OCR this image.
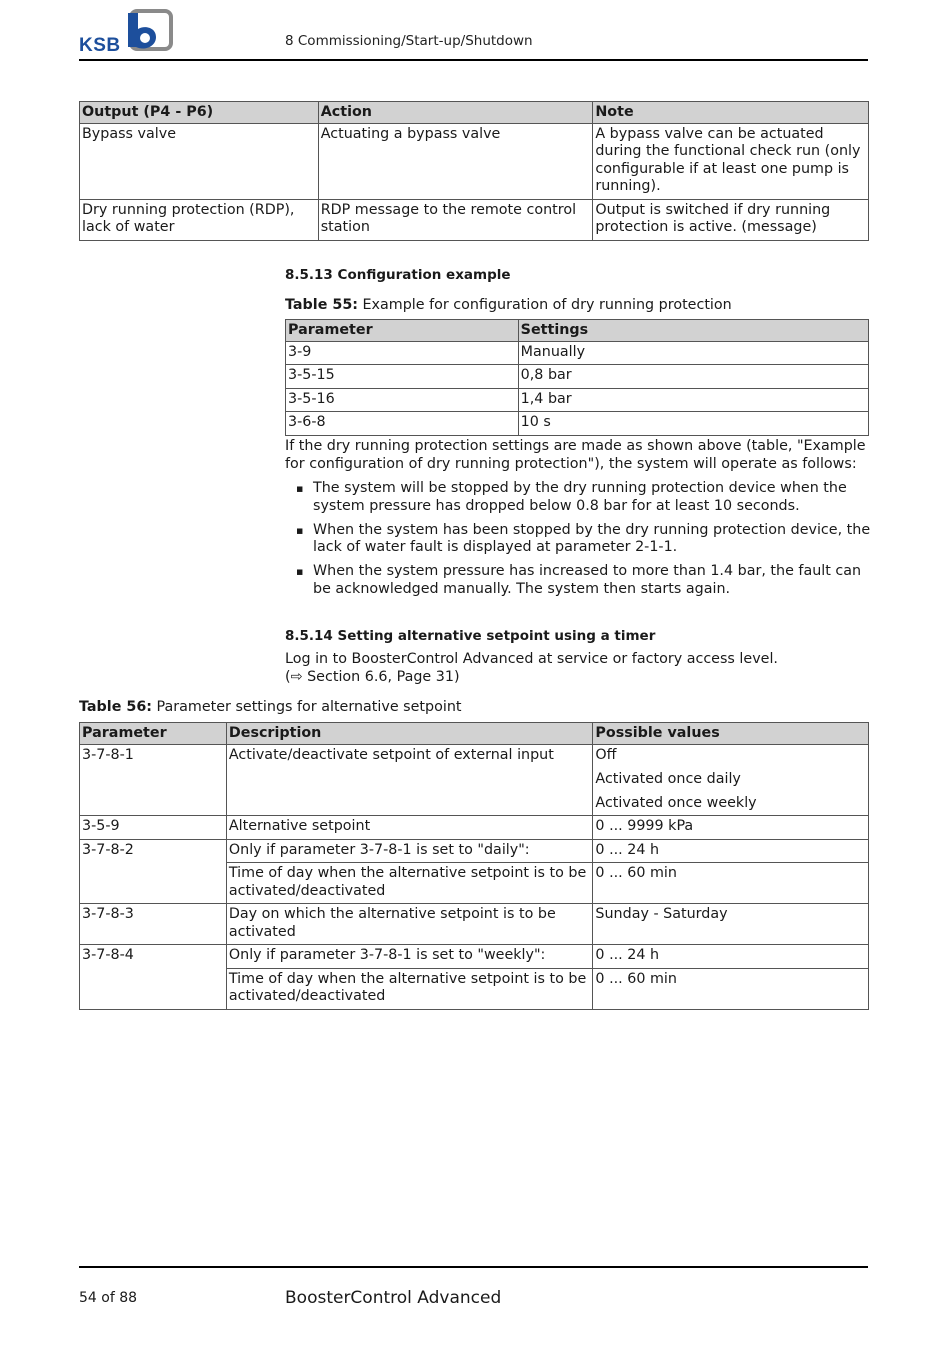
KSB	8 Commissioning/Start-up/Shutdown
Output (P4 - P6)	Action	Note
Bypass valve	Actuating a bypass valve	A bypass valve can be actuated during the functional check run (only configurable if at least one pump is running).
Dry running protection (RDP), lack of water	RDP message to the remote control station	Output is switched if dry running protection is active. (message)
8.5.13 Configuration example
Table 55: Example for configuration of dry running protection
Parameter	Settings
3-9	Manually
3-5-15	0,8 bar
3-5-16	1,4 bar
3-6-8	10 s
If the dry running protection settings are made as shown above (table, "Example for configuration of dry running protection"), the system will operate as follows:
▪ The system will be stopped by the dry running protection device when the system pressure has dropped below 0.8 bar for at least 10 seconds.
▪ When the system has been stopped by the dry running protection device, the lack of water fault is displayed at parameter 2-1-1.
▪ When the system pressure has increased to more than 1.4 bar, the fault can be acknowledged manually. The system then starts again.
8.5.14 Setting alternative setpoint using a timer
Log in to BoosterControl Advanced at service or factory access level.
(⇨ Section 6.6, Page 31)
Table 56: Parameter settings for alternative setpoint
Parameter	Description	Possible values
3-7-8-1	Activate/deactivate setpoint of external input	Off
Activated once daily
Activated once weekly

3-5-9	Alternative setpoint	0 ... 9999 kPa
3-7-8-2	Only if parameter 3-7-8-1 is set to "daily":	0 ... 24 h
	Time of day when the alternative setpoint is to be activated/deactivated	0 ... 60 min
3-7-8-3	Day on which the alternative setpoint is to be activated	Sunday - Saturday
3-7-8-4	Only if parameter 3-7-8-1 is set to "weekly":	0 ... 24 h
	Time of day when the alternative setpoint is to be activated/deactivated	0 ... 60 min
54 of 88	BoosterControl Advanced
